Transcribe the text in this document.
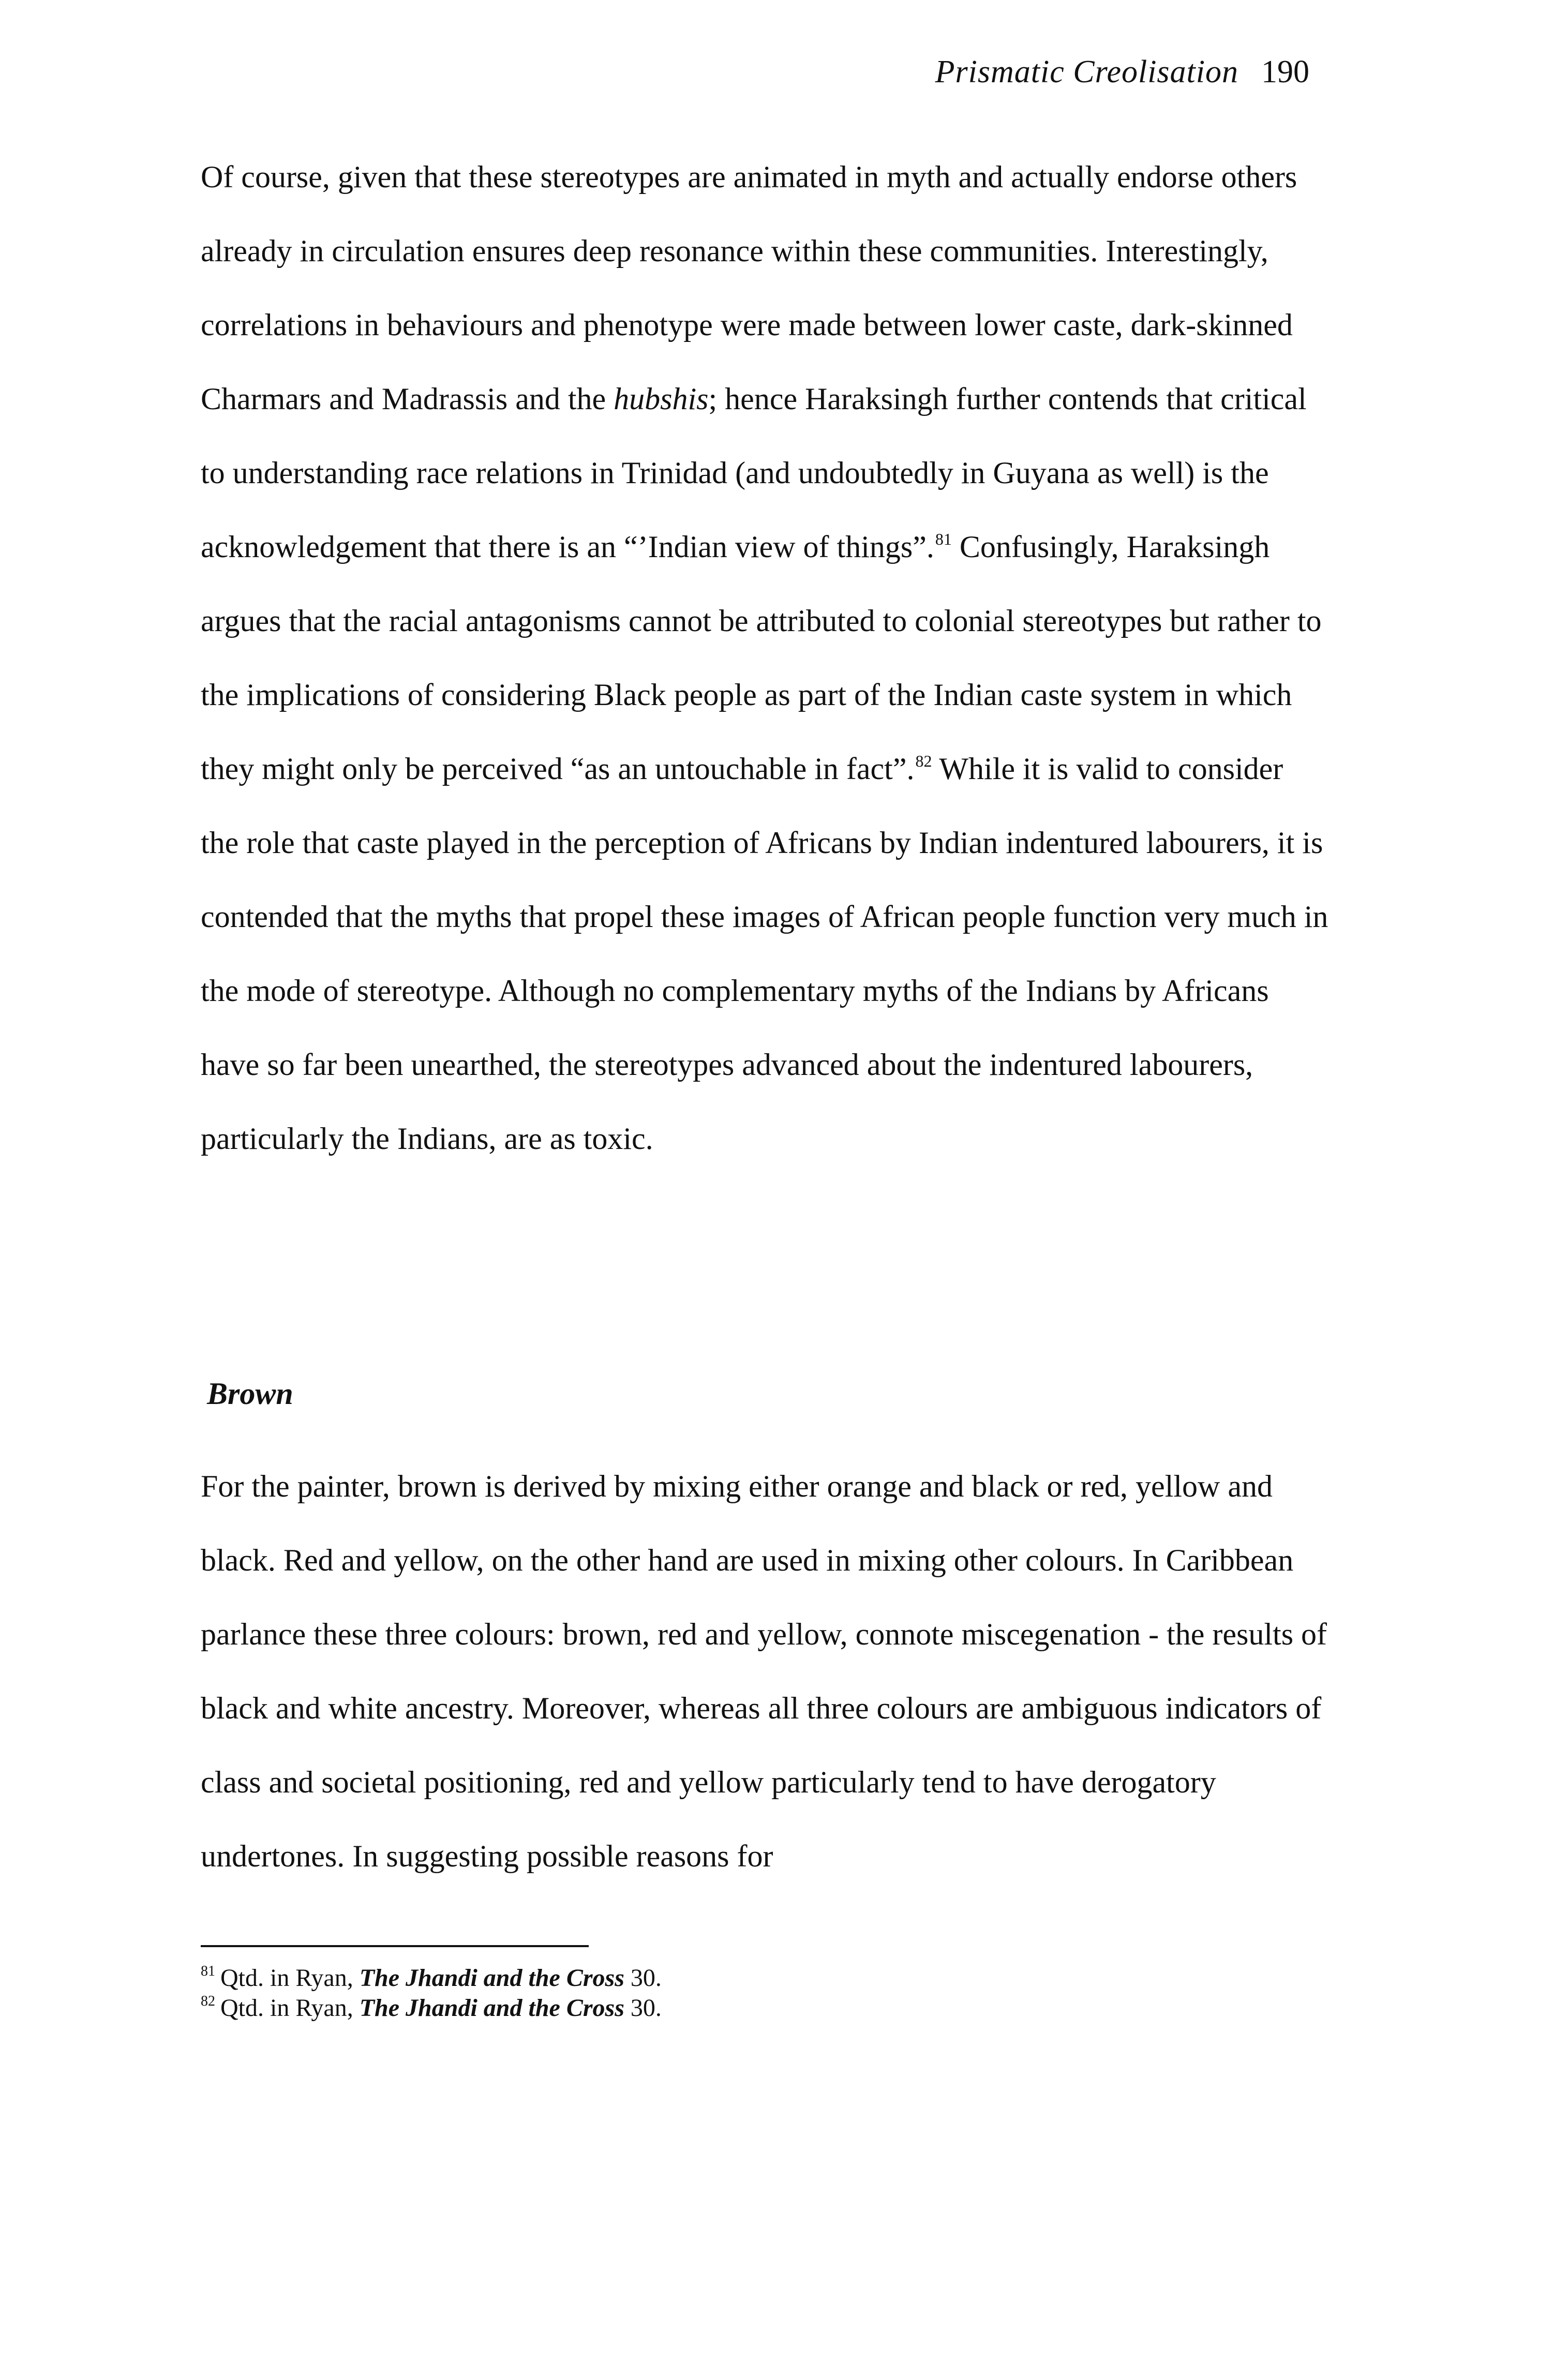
Prismatic Creolisation 190

Of course, given that these stereotypes are animated in myth and actually endorse others already in circulation ensures deep resonance within these communities. Interestingly, correlations in behaviours and phenotype were made between lower caste, dark-skinned Charmars and Madrassis and the hubshis; hence Haraksingh further contends that critical to understanding race relations in Trinidad (and undoubtedly in Guyana as well) is the acknowledgement that there is an “’Indian view of things”.$^{81}$ Confusingly, Haraksingh argues that the racial antagonisms cannot be attributed to colonial stereotypes but rather to the implications of considering Black people as part of the Indian caste system in which they might only be perceived “as an untouchable in fact”.$^{82}$ While it is valid to consider the role that caste played in the perception of Africans by Indian indentured labourers, it is contended that the myths that propel these images of African people function very much in the mode of stereotype. Although no complementary myths of the Indians by Africans have so far been unearthed, the stereotypes advanced about the indentured labourers, particularly the Indians, are as toxic.

Brown

For the painter, brown is derived by mixing either orange and black or red, yellow and black. Red and yellow, on the other hand are used in mixing other colours. In Caribbean parlance these three colours: brown, red and yellow, connote miscegenation - the results of black and white ancestry. Moreover, whereas all three colours are ambiguous indicators of class and societal positioning, red and yellow particularly tend to have derogatory undertones. In suggesting possible reasons for

$^{81}$ Qtd. in Ryan, The Jhandi and the Cross 30.
$^{82}$ Qtd. in Ryan, The Jhandi and the Cross 30.
